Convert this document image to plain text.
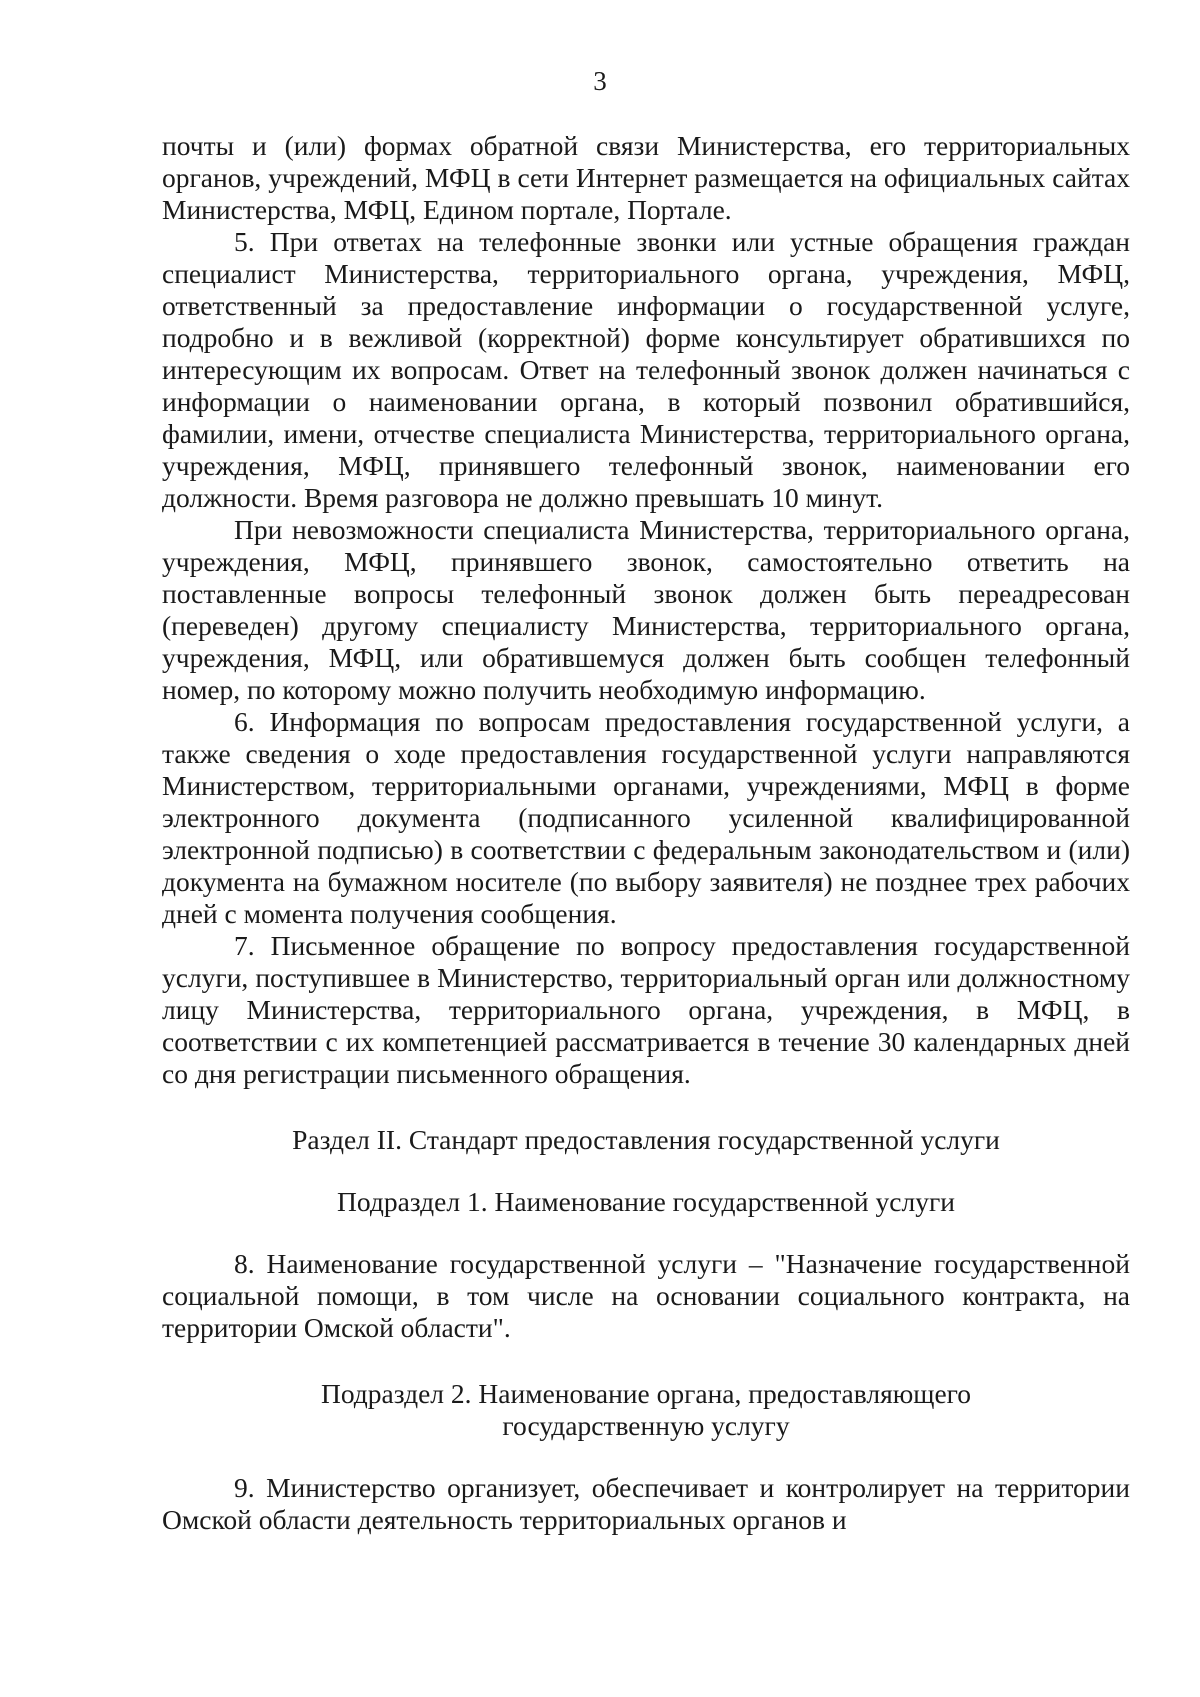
3

почты и (или) формах обратной связи Министерства, его территориальных органов, учреждений, МФЦ в сети Интернет размещается на официальных сайтах Министерства, МФЦ, Едином портале, Портале.

5. При ответах на телефонные звонки или устные обращения граждан специалист Министерства, территориального органа, учреждения, МФЦ, ответственный за предоставление информации о государственной услуге, подробно и в вежливой (корректной) форме консультирует обратившихся по интересующим их вопросам. Ответ на телефонный звонок должен начинаться с информации о наименовании органа, в который позвонил обратившийся, фамилии, имени, отчестве специалиста Министерства, территориального органа, учреждения, МФЦ, принявшего телефонный звонок, наименовании его должности. Время разговора не должно превышать 10 минут.

При невозможности специалиста Министерства, территориального органа, учреждения, МФЦ, принявшего звонок, самостоятельно ответить на поставленные вопросы телефонный звонок должен быть переадресован (переведен) другому специалисту Министерства, территориального органа, учреждения, МФЦ, или обратившемуся должен быть сообщен телефонный номер, по которому можно получить необходимую информацию.

6. Информация по вопросам предоставления государственной услуги, а также сведения о ходе предоставления государственной услуги направляются Министерством, территориальными органами, учреждениями, МФЦ в форме электронного документа (подписанного усиленной квалифицированной электронной подписью) в соответствии с федеральным законодательством и (или) документа на бумажном носителе (по выбору заявителя) не позднее трех рабочих дней с момента получения сообщения.

7. Письменное обращение по вопросу предоставления государственной услуги, поступившее в Министерство, территориальный орган или должностному лицу Министерства, территориального органа, учреждения, в МФЦ, в соответствии с их компетенцией рассматривается в течение 30 календарных дней со дня регистрации письменного обращения.

Раздел II. Стандарт предоставления государственной услуги

Подраздел 1. Наименование государственной услуги

8. Наименование государственной услуги – "Назначение государственной социальной помощи, в том числе на основании социального контракта, на территории Омской области".

Подраздел 2. Наименование органа, предоставляющего

государственную услугу

9. Министерство организует, обеспечивает и контролирует на территории Омской области деятельность территориальных органов и
